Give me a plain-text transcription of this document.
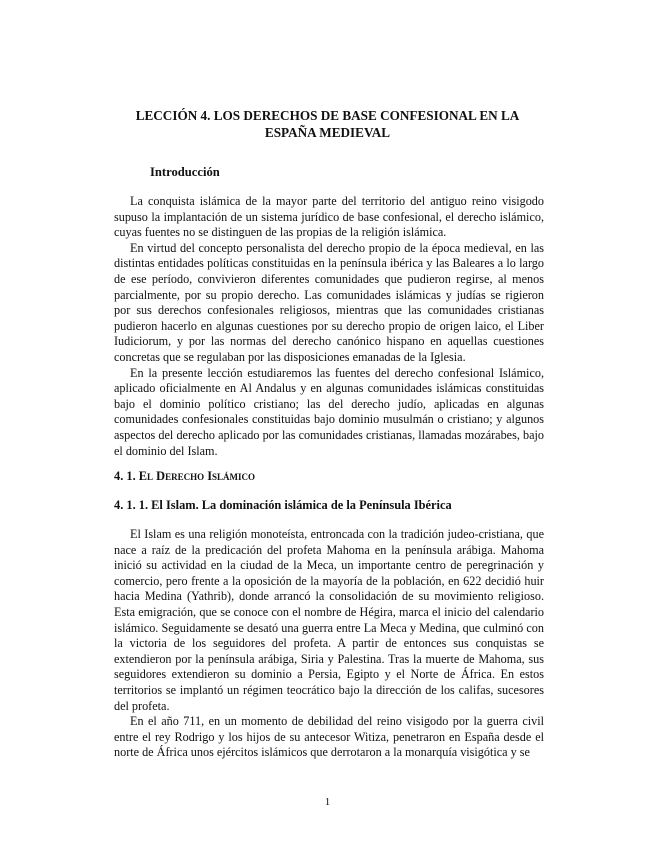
LECCIÓN 4. LOS DERECHOS DE BASE CONFESIONAL EN LA ESPAÑA MEDIEVAL
Introducción

La conquista islámica de la mayor parte del territorio del antiguo reino visigodo supuso la implantación de un sistema jurídico de base confesional, el derecho islámico, cuyas fuentes no se distinguen de las propias de la religión islámica.

En virtud del concepto personalista del derecho propio de la época medieval, en las distintas entidades políticas constituidas en la península ibérica y las Baleares a lo largo de ese período, convivieron diferentes comunidades que pudieron regirse, al menos parcialmente, por su propio derecho. Las comunidades islámicas y judías se rigieron por sus derechos confesionales religiosos, mientras que las comunidades cristianas pudieron hacerlo en algunas cuestiones por su derecho propio de origen laico, el Liber Iudiciorum, y por las normas del derecho canónico hispano en aquellas cuestiones concretas que se regulaban por las disposiciones emanadas de la Iglesia.

En la presente lección estudiaremos las fuentes del derecho confesional Islámico, aplicado oficialmente en Al Andalus y en algunas comunidades islámicas constituidas bajo el dominio político cristiano; las del derecho judío, aplicadas en algunas comunidades confesionales constituidas bajo dominio musulmán o cristiano; y algunos aspectos del derecho aplicado por las comunidades cristianas, llamadas mozárabes, bajo el dominio del Islam.

4. 1. El Derecho Islámico
4. 1. 1. El Islam. La dominación islámica de la Península Ibérica

El Islam es una religión monoteísta, entroncada con la tradición judeo-cristiana, que nace a raíz de la predicación del profeta Mahoma en la península arábiga. Mahoma inició su actividad en la ciudad de la Meca, un importante centro de peregrinación y comercio, pero frente a la oposición de la mayoría de la población, en 622 decidió huir hacia Medina (Yathrib), donde arrancó la consolidación de su movimiento religioso. Esta emigración, que se conoce con el nombre de Hégira, marca el inicio del calendario islámico. Seguidamente se desató una guerra entre La Meca y Medina, que culminó con la victoria de los seguidores del profeta. A partir de entonces sus conquistas se extendieron por la península arábiga, Siria y Palestina. Tras la muerte de Mahoma, sus seguidores extendieron su dominio a Persia, Egipto y el Norte de África. En estos territorios se implantó un régimen teocrático bajo la dirección de los califas, sucesores del profeta.

En el año 711, en un momento de debilidad del reino visigodo por la guerra civil entre el rey Rodrigo y los hijos de su antecesor Witiza, penetraron en España desde el norte de África unos ejércitos islámicos que derrotaron a la monarquía visigótica y se

1
